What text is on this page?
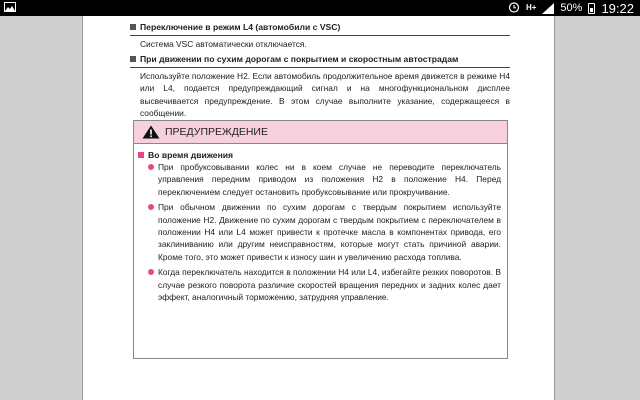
H+ 50% 19:22
Переключение в режим L4 (автомобили с VSC)

Система VSC автоматически отключается.

При движении по сухим дорогам с покрытием и скоростным автострадам

Используйте положение H2. Если автомобиль продолжительное время движется в режиме H4 или L4, подается предупреждающий сигнал и на многофункциональном дисплее высвечивается предупреждение. В этом случае выполните указание, содержащееся в сообщении.

ПРЕДУПРЕЖДЕНИЕ
Во время движения
При пробуксовывании колес ни в коем случае не переводите переключатель управления передним приводом из положения H2 в положение H4. Перед переключением следует остановить пробуксовывание или прокручивание.
При обычном движении по сухим дорогам с твердым покрытием используйте положение H2. Движение по сухим дорогам с твердым покрытием с переключателем в положении H4 или L4 может привести к протечке масла в компонентах привода, его заклиниванию или другим неисправностям, которые могут стать причиной аварии. Кроме того, это может привести к износу шин и увеличению расхода топлива.
Когда переключатель находится в положении H4 или L4, избегайте резких поворотов. В случае резкого поворота различие скоростей вращения передних и задних колес дает эффект, аналогичный торможению, затрудняя управление.
